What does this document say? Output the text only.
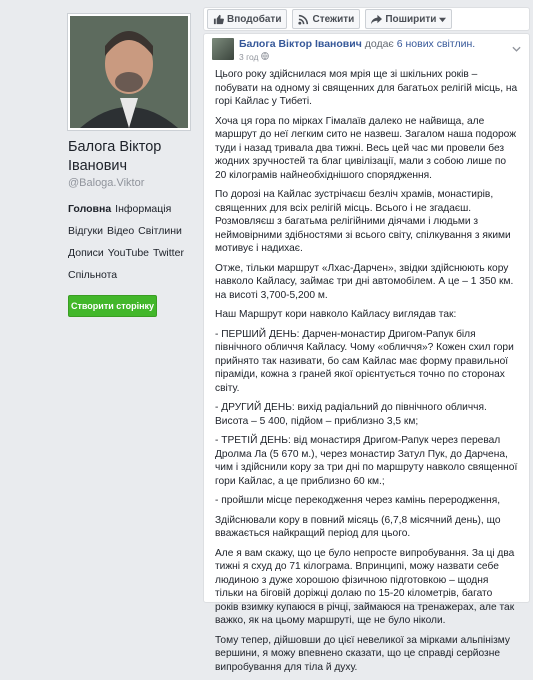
Балога Віктор Іванович
@Baloga.Viktor
Головна Інформація
Відгуки Відео Світлини
Дописи YouTube Twitter
Спільнота
Створити сторінку
Вподобати	Стежити	Поширити
Балога Віктор Іванович додає 6 нових світлин.
3 год

Цього року здійснилася моя мрія ще зі шкільних років – побувати на одному зі священних для багатьох релігій місць, на горі Кайлас у Тибеті.

Хоча ця гора по мірках Гімалаїв далеко не найвища, але маршрут до неї легким сито не назвеш. Загалом наша подорож туди і назад тривала два тижні. Весь цей час ми провели без жодних зручностей та благ цивілізації, мали з собою лише по 20 кілограмів найнеобхіднішого спорядження.

По дорозі на Кайлас зустрічаєш безліч храмів, монастирів, священних для всіх релігій місць. Всього і не згадаєш. Розмовляєш з багатьма релігійними діячами і людьми з неймовірними здібностями зі всього світу, спілкування з якими мотивує і надихає.

Отже, тільки маршрут «Лхас-Дарчен», звідки здійснюють кору навколо Кайласу, займає три дні автомобілем. А це – 1 350 км. на висоті 3,700-5,200 м.

Наш Маршрут кори навколо Кайласу виглядав так:

- ПЕРШИЙ ДЕНЬ: Дарчен-монастир Дригом-Рапук біля північного обличчя Кайласу. Чому «обличчя»? Кожен схил гори прийнято так називати, бо сам Кайлас має форму правильної піраміди, кожна з граней якої орієнтується точно по сторонах світу.

- ДРУГИЙ ДЕНЬ: вихід радіальний до північного обличчя. Висота – 5 400, підйом – приблизно 3,5 км;

- ТРЕТІЙ ДЕНЬ: від монастиря Дригом-Рапук через перевал Дролма Ла (5 670 м.), через монастир Затул Пук, до Дарчена, чим і здійснили кору за три дні по маршруту навколо священної гори Кайлас, а це приблизно 60 км.;

- пройшли місце перекодження через камінь переродження,

Здійснювали кору в повний місяць (6,7,8 місячний день), що вважається найкращий період для цього.

Але я вам скажу, що це було непросте випробування. За ці два тижні я схуд до 71 кілограма. Впринципі, можу назвати себе людиною з дуже хорошою фізичною підготовкою – щодня тільки на біговій доріжці долаю по 15-20 кілометрів, багато років взимку купаюся в річці, займаюся на тренажерах, але так важко, як на цьому маршруті, ще не було ніколи.

Тому тепер, дійшовши до цієї невеликої за мірками альпінізму вершини, я можу впевнено сказати, що це справді серйозне випробування для тіла й духу.
